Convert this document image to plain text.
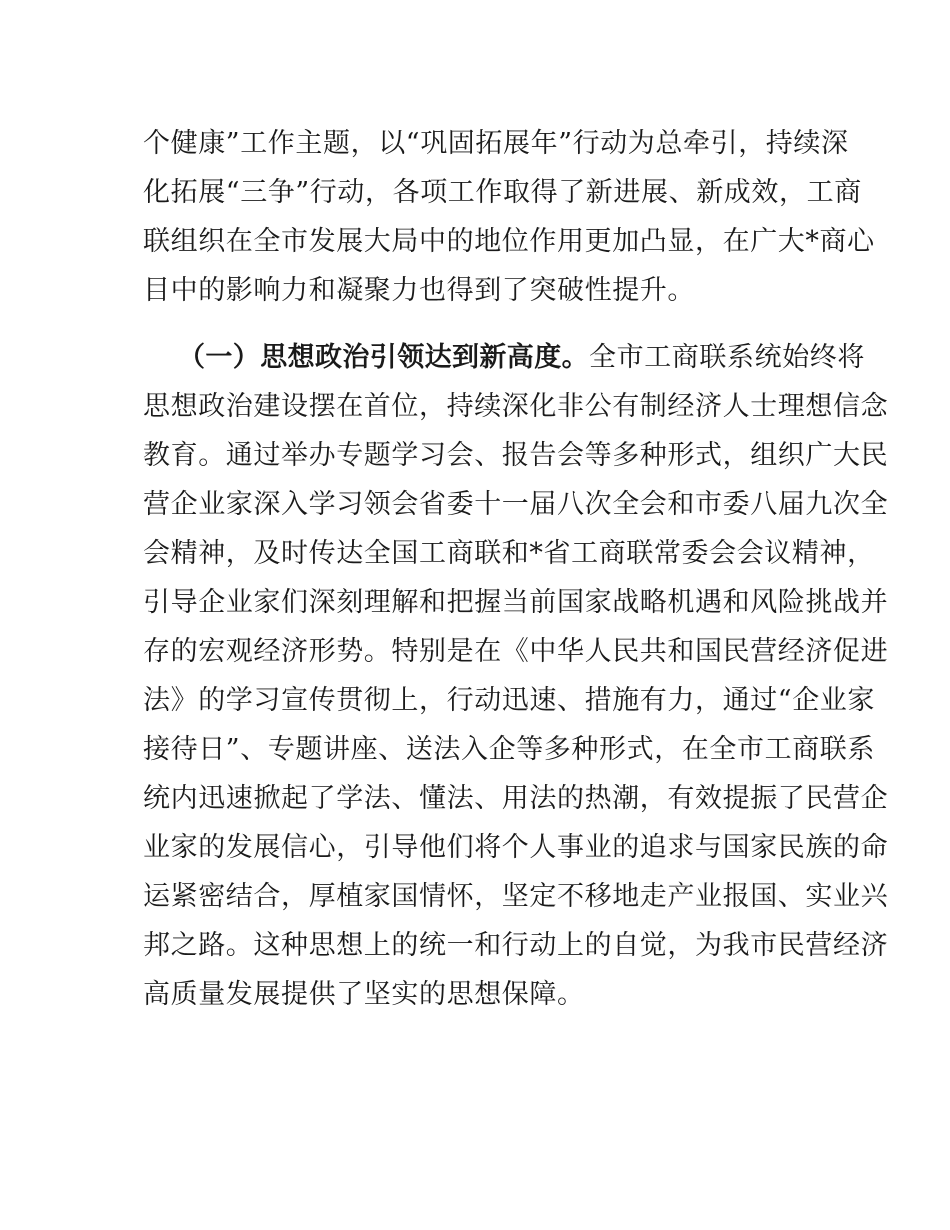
个健康”工作主题，以“巩固拓展年”行动为总牵引，持续深
化拓展“三争”行动，各项工作取得了新进展、新成效，工商
联组织在全市发展大局中的地位作用更加凸显，在广大*商心
目中的影响力和凝聚力也得到了突破性提升。
（一）思想政治引领达到新高度。全市工商联系统始终将
思想政治建设摆在首位，持续深化非公有制经济人士理想信念
教育。通过举办专题学习会、报告会等多种形式，组织广大民
营企业家深入学习领会省委十一届八次全会和市委八届九次全
会精神，及时传达全国工商联和*省工商联常委会会议精神，
引导企业家们深刻理解和把握当前国家战略机遇和风险挑战并
存的宏观经济形势。特别是在《中华人民共和国民营经济促进
法》的学习宣传贯彻上，行动迅速、措施有力，通过“企业家
接待日”、专题讲座、送法入企等多种形式，在全市工商联系
统内迅速掀起了学法、懂法、用法的热潮，有效提振了民营企
业家的发展信心，引导他们将个人事业的追求与国家民族的命
运紧密结合，厚植家国情怀，坚定不移地走产业报国、实业兴
邦之路。这种思想上的统一和行动上的自觉，为我市民营经济
高质量发展提供了坚实的思想保障。
